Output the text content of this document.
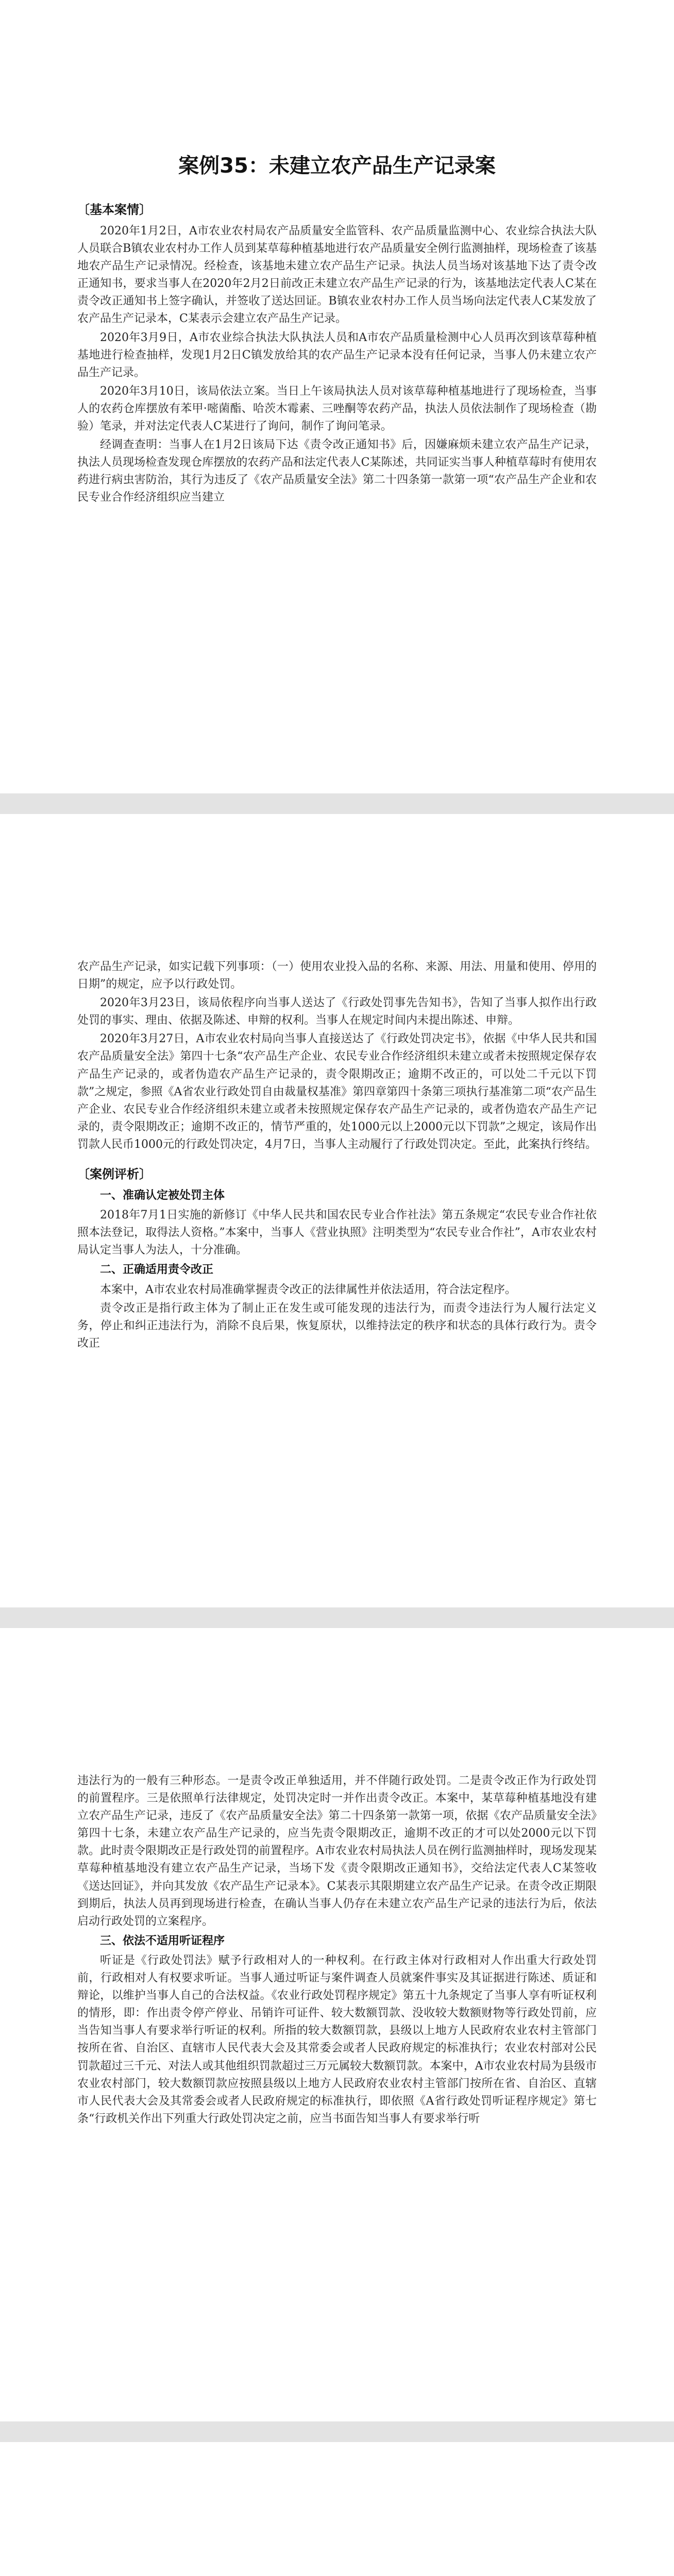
案例35：未建立农产品生产记录案
〔基本案情〕

2020年1月2日，A市农业农村局农产品质量安全监管科、农产品质量监测中心、农业综合执法大队人员联合B镇农业农村办工作人员到某草莓种植基地进行农产品质量安全例行监测抽样，现场检查了该基地农产品生产记录情况。经检查，该基地未建立农产品生产记录。执法人员当场对该基地下达了责令改正通知书，要求当事人在2020年2月2日前改正未建立农产品生产记录的行为，该基地法定代表人C某在责令改正通知书上签字确认，并签收了送达回证。B镇农业农村办工作人员当场向法定代表人C某发放了农产品生产记录本，C某表示会建立农产品生产记录。

2020年3月9日，A市农业综合执法大队执法人员和A市农产品质量检测中心人员再次到该草莓种植基地进行检查抽样，发现1月2日C镇发放给其的农产品生产记录本没有任何记录，当事人仍未建立农产品生产记录。

2020年3月10日，该局依法立案。当日上午该局执法人员对该草莓种植基地进行了现场检查，当事人的农药仓库摆放有苯甲·嘧菌酯、哈茨木霉素、三唑酮等农药产品，执法人员依法制作了现场检查（勘验）笔录，并对法定代表人C某进行了询问，制作了询问笔录。

经调查查明：当事人在1月2日该局下达《责令改正通知书》后，因嫌麻烦未建立农产品生产记录，执法人员现场检查发现仓库摆放的农药产品和法定代表人C某陈述，共同证实当事人种植草莓时有使用农药进行病虫害防治，其行为违反了《农产品质量安全法》第二十四条第一款第一项“农产品生产企业和农民专业合作经济组织应当建立

农产品生产记录，如实记载下列事项：（一）使用农业投入品的名称、来源、用法、用量和使用、停用的日期”的规定，应予以行政处罚。

2020年3月23日，该局依程序向当事人送达了《行政处罚事先告知书》，告知了当事人拟作出行政处罚的事实、理由、依据及陈述、申辩的权利。当事人在规定时间内未提出陈述、申辩。

2020年3月27日，A市农业农村局向当事人直接送达了《行政处罚决定书》，依据《中华人民共和国农产品质量安全法》第四十七条“农产品生产企业、农民专业合作经济组织未建立或者未按照规定保存农产品生产记录的，或者伪造农产品生产记录的，责令限期改正；逾期不改正的，可以处二千元以下罚款”之规定，参照《A省农业行政处罚自由裁量权基准》第四章第四十条第三项执行基准第二项“农产品生产企业、农民专业合作经济组织未建立或者未按照规定保存农产品生产记录的，或者伪造农产品生产记录的，责令限期改正；逾期不改正的，情节严重的，处1000元以上2000元以下罚款”之规定，该局作出罚款人民币1000元的行政处罚决定，4月7日，当事人主动履行了行政处罚决定。至此，此案执行终结。

〔案例评析〕
一、准确认定被处罚主体

2018年7月1日实施的新修订《中华人民共和国农民专业合作社法》第五条规定“农民专业合作社依照本法登记，取得法人资格。”本案中，当事人《营业执照》注明类型为“农民专业合作社”，A市农业农村局认定当事人为法人，十分准确。

二、正确适用责令改正

本案中，A市农业农村局准确掌握责令改正的法律属性并依法适用，符合法定程序。

责令改正是指行政主体为了制止正在发生或可能发现的违法行为，而责令违法行为人履行法定义务，停止和纠正违法行为，消除不良后果，恢复原状，以维持法定的秩序和状态的具体行政行为。责令改正

违法行为的一般有三种形态。一是责令改正单独适用，并不伴随行政处罚。二是责令改正作为行政处罚的前置程序。三是依照单行法律规定，处罚决定时一并作出责令改正。本案中，某草莓种植基地没有建立农产品生产记录，违反了《农产品质量安全法》第二十四条第一款第一项，依据《农产品质量安全法》第四十七条，未建立农产品生产记录的，应当先责令限期改正，逾期不改正的才可以处2000元以下罚款。此时责令限期改正是行政处罚的前置程序。A市农业农村局执法人员在例行监测抽样时，现场发现某草莓种植基地没有建立农产品生产记录，当场下发《责令限期改正通知书》，交给法定代表人C某签收《送达回证》，并向其发放《农产品生产记录本》。C某表示其限期建立农产品生产记录。在责令改正期限到期后，执法人员再到现场进行检查，在确认当事人仍存在未建立农产品生产记录的违法行为后，依法启动行政处罚的立案程序。

三、依法不适用听证程序

听证是《行政处罚法》赋予行政相对人的一种权利。在行政主体对行政相对人作出重大行政处罚前，行政相对人有权要求听证。当事人通过听证与案件调查人员就案件事实及其证据进行陈述、质证和辩论，以维护当事人自己的合法权益。《农业行政处罚程序规定》第五十九条规定了当事人享有听证权利的情形，即：作出责令停产停业、吊销许可证件、较大数额罚款、没收较大数额财物等行政处罚前，应当告知当事人有要求举行听证的权利。所指的较大数额罚款，县级以上地方人民政府农业农村主管部门按所在省、自治区、直辖市人民代表大会及其常委会或者人民政府规定的标准执行；农业农村部对公民罚款超过三千元、对法人或其他组织罚款超过三万元属较大数额罚款。本案中，A市农业农村局为县级市农业农村部门，较大数额罚款应按照县级以上地方人民政府农业农村主管部门按所在省、自治区、直辖市人民代表大会及其常委会或者人民政府规定的标准执行，即依照《A省行政处罚听证程序规定》第七条“行政机关作出下列重大行政处罚决定之前，应当书面告知当事人有要求举行听
